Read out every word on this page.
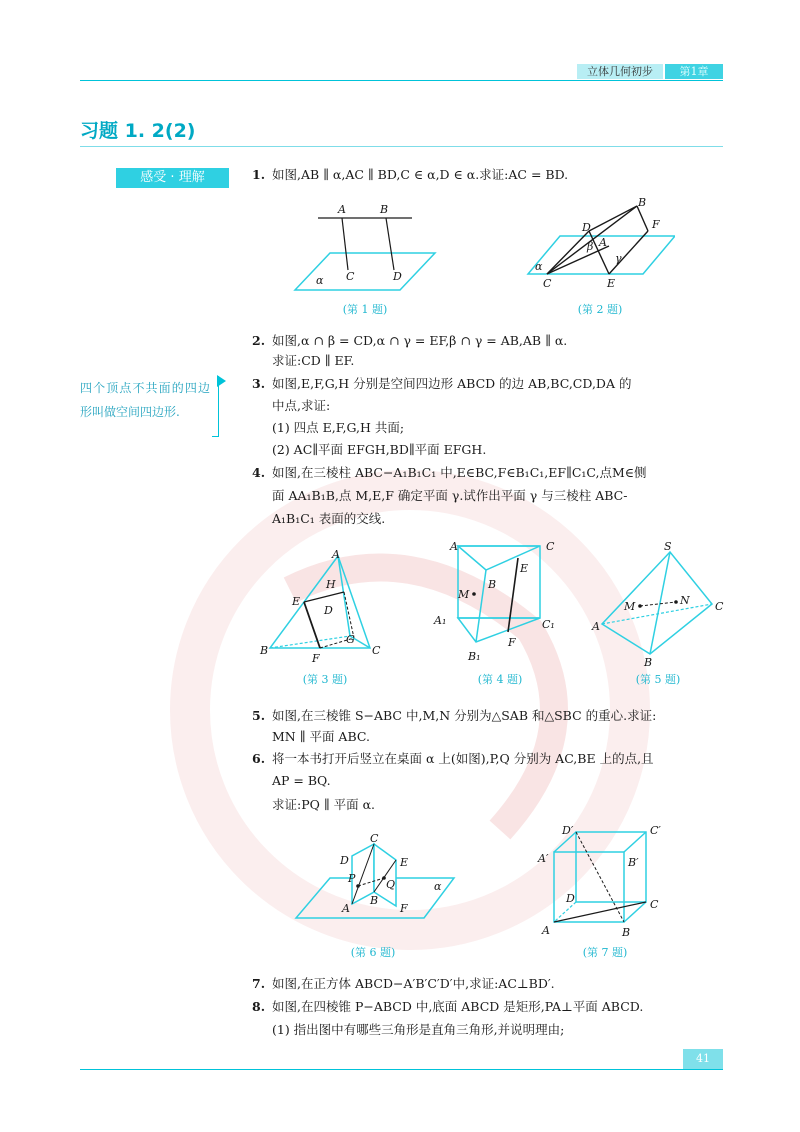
立体几何初步	第1章
习题 1. 2(2)
感受 · 理解
四个顶点不共面的四边形叫做空间四边形.
1. 如图,AB ∥ α,AC ∥ BD,C ∈ α,D ∈ α.求证:AC = BD.
A	B
C	D
α
(第 1 题)
B
F
D
A
β
γ
α
C	E
(第 2 题)
2. 如图,α ∩ β = CD,α ∩ γ = EF,β ∩ γ = AB,AB ∥ α.
求证:CD ∥ EF.
3. 如图,E,F,G,H 分别是空间四边形 ABCD 的边 AB,BC,CD,DA 的
中点,求证:
(1) 四点 E,F,G,H 共面;
(2) AC∥平面 EFGH,BD∥平面 EFGH.
4. 如图,在三棱柱 ABC−A₁B₁C₁ 中,E∈BC,F∈B₁C₁,EF∥C₁C,点M∈侧
面 AA₁B₁B,点 M,E,F 确定平面 γ.试作出平面 γ 与三棱柱 ABC-
A₁B₁C₁ 表面的交线.
A
H
E
D
G
B
F
C
(第 3 题)
A	C
E
M
B
A₁	C₁
F
B₁
(第 4 题)
S
M	N
A
C
B
(第 5 题)
5. 如图,在三棱锥 S−ABC 中,M,N 分别为△SAB 和△SBC 的重心.求证:
MN ∥ 平面 ABC.
6. 将一本书打开后竖立在桌面 α 上(如图),P,Q 分别为 AC,BE 上的点,且
AP = BQ.
求证:PQ ∥ 平面 α.
C
D	E
P	Q
A
B
F
α
(第 6 题)
D′	C′
A′	B′
D	C
A	B
(第 7 题)
7. 如图,在正方体 ABCD−A′B′C′D′中,求证:AC⊥BD′.
8. 如图,在四棱锥 P−ABCD 中,底面 ABCD 是矩形,PA⊥平面 ABCD.
(1) 指出图中有哪些三角形是直角三角形,并说明理由;
41
